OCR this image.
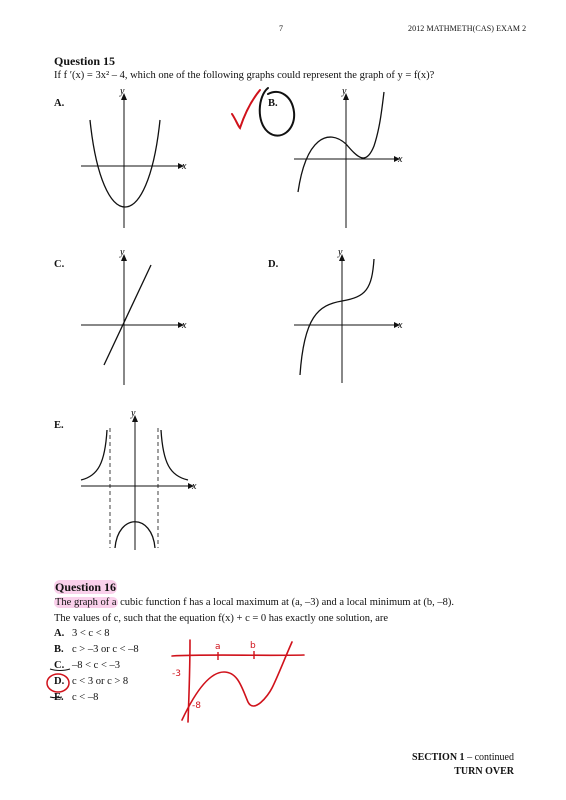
7	2012 MATHMETH(CAS) EXAM 2
Question 15
If f ′(x) = 3x² – 4, which one of the following graphs could represent the graph of y = f(x)?
A.	B.
C.	D.
E.
x
y
x
y
x
y
x
y
x
y
Question 16
The graph of a cubic function f has a local maximum at (a, –3) and a local minimum at (b, –8).
The values of c, such that the equation f(x) + c = 0 has exactly one solution, are
A. 3 < c < 8
B. c > –3 or c < –8
C. –8 < c < –3
D. c < 3 or c > 8
E. c < –8
a	b
-3
-8
SECTION 1 – continued
TURN OVER
